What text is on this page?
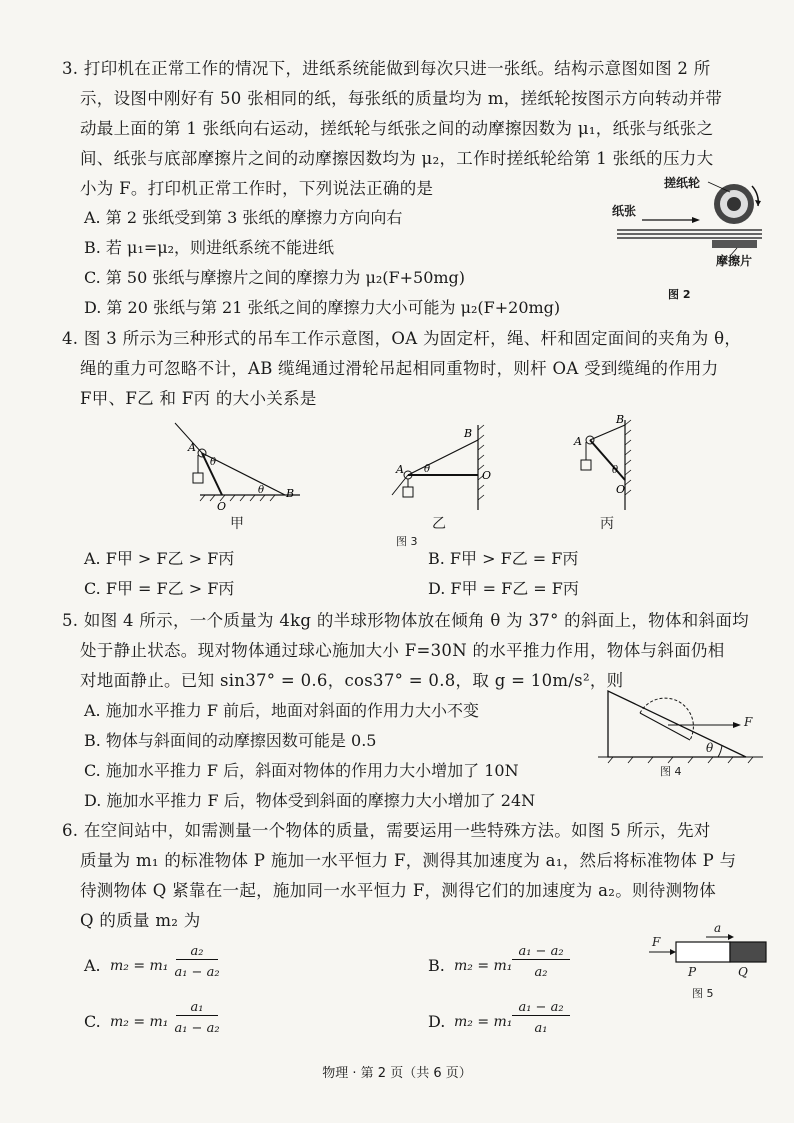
3. 打印机在正常工作的情况下，进纸系统能做到每次只进一张纸。结构示意图如图 2 所
示，设图中刚好有 50 张相同的纸，每张纸的质量均为 m，搓纸轮按图示方向转动并带
动最上面的第 1 张纸向右运动，搓纸轮与纸张之间的动摩擦因数为 μ₁，纸张与纸张之
间、纸张与底部摩擦片之间的动摩擦因数均为 μ₂，工作时搓纸轮给第 1 张纸的压力大
小为 F。打印机正常工作时，下列说法正确的是
A. 第 2 张纸受到第 3 张纸的摩擦力方向向右
B. 若 μ₁=μ₂，则进纸系统不能进纸
C. 第 50 张纸与摩擦片之间的摩擦力为 μ₂(F+50mg)
D. 第 20 张纸与第 21 张纸之间的摩擦力大小可能为 μ₂(F+20mg)
搓纸轮
纸张
摩擦片
图 2
4. 图 3 所示为三种形式的吊车工作示意图，OA 为固定杆，绳、杆和固定面间的夹角为 θ，
绳的重力可忽略不计，AB 缆绳通过滑轮吊起相同重物时，则杆 OA 受到缆绳的作用力
F甲、F乙 和 F丙 的大小关系是
A
O
B
θ
θ
A
B
O
θ
A
B
O
θ
甲	乙	丙
图 3
A. F甲 > F乙 > F丙	B. F甲 > F乙 = F丙
C. F甲 = F乙 > F丙	D. F甲 = F乙 = F丙
5. 如图 4 所示，一个质量为 4kg 的半球形物体放在倾角 θ 为 37° 的斜面上，物体和斜面均
处于静止状态。现对物体通过球心施加大小 F=30N 的水平推力作用，物体与斜面仍相
对地面静止。已知 sin37° = 0.6，cos37° = 0.8，取 g = 10m/s²，则
A. 施加水平推力 F 前后，地面对斜面的作用力大小不变
B. 物体与斜面间的动摩擦因数可能是 0.5
C. 施加水平推力 F 后，斜面对物体的作用力大小增加了 10N
D. 施加水平推力 F 后，物体受到斜面的摩擦力大小增加了 24N
F
θ
图 4
6. 在空间站中，如需测量一个物体的质量，需要运用一些特殊方法。如图 5 所示，先对
质量为 m₁ 的标准物体 P 施加一水平恒力 F，测得其加速度为 a₁，然后将标准物体 P 与
待测物体 Q 紧靠在一起，施加同一水平恒力 F，测得它们的加速度为 a₂。则待测物体
Q 的质量 m₂ 为
A. m₂ = m₁
a₂
a₁ − a₂	B. m₂ = m₁
a₁ − a₂
a₂
C. m₂ = m₁
a₁
a₁ − a₂	D. m₂ = m₁
a₁ − a₂
a₁
F
a
P	Q
图 5
物理 · 第 2 页（共 6 页）
